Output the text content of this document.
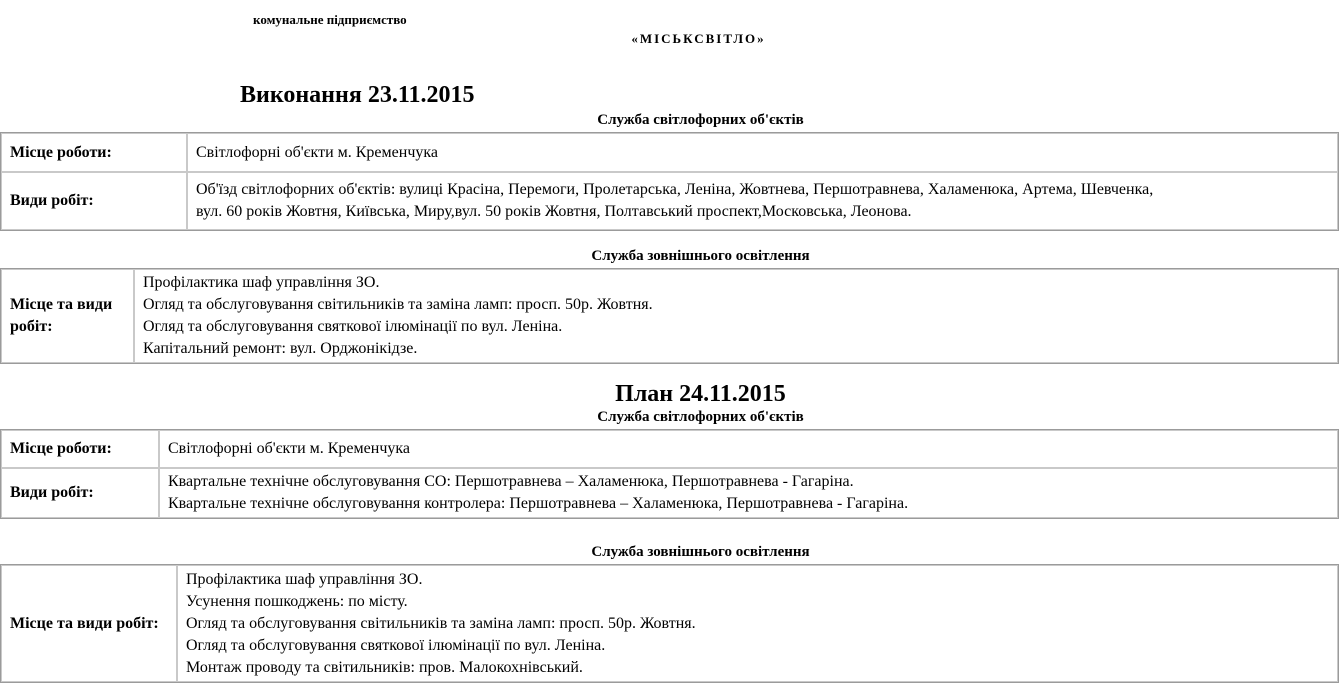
комунальне підприємство
«МІСЬКСВІТЛО»
Виконання 23.11.2015
Служба світлофорних об'єктів
Місце роботи:	Світлофорні об'єкти м. Кременчука

Види робіт:	Об'їзд світлофорних об'єктів: вулиці Красіна, Перемоги, Пролетарська, Леніна, Жовтнева, Першотравнева, Халаменюка, Артема, Шевченка,
вул. 60 років Жовтня, Київська, Миру,вул. 50 років Жовтня, Полтавський проспект,Московська, Леонова.
Служба зовнішнього освітлення
Місце та види робіт:	
Профілактика шаф управління ЗО.
Огляд та обслуговування світильників та заміна ламп: просп. 50р. Жовтня.
Огляд та обслуговування святкової ілюмінації по вул. Леніна.
Капітальний ремонт: вул. Орджонікідзе.
План 24.11.2015
Служба світлофорних об'єктів
Місце роботи:	Світлофорні об'єкти м. Кременчука

Види робіт:	Квартальне технічне обслуговування СО: Першотравнева – Халаменюка, Першотравнева - Гагаріна.
Квартальне технічне обслуговування контролера: Першотравнева – Халаменюка, Першотравнева - Гагаріна.
Служба зовнішнього освітлення
Місце та види робіт:	
Профілактика шаф управління ЗО.
Усунення пошкоджень: по місту.
Огляд та обслуговування світильників та заміна ламп: просп. 50р. Жовтня.
Огляд та обслуговування святкової ілюмінації по вул. Леніна.
Монтаж проводу та світильників: пров. Малокохнівський.
